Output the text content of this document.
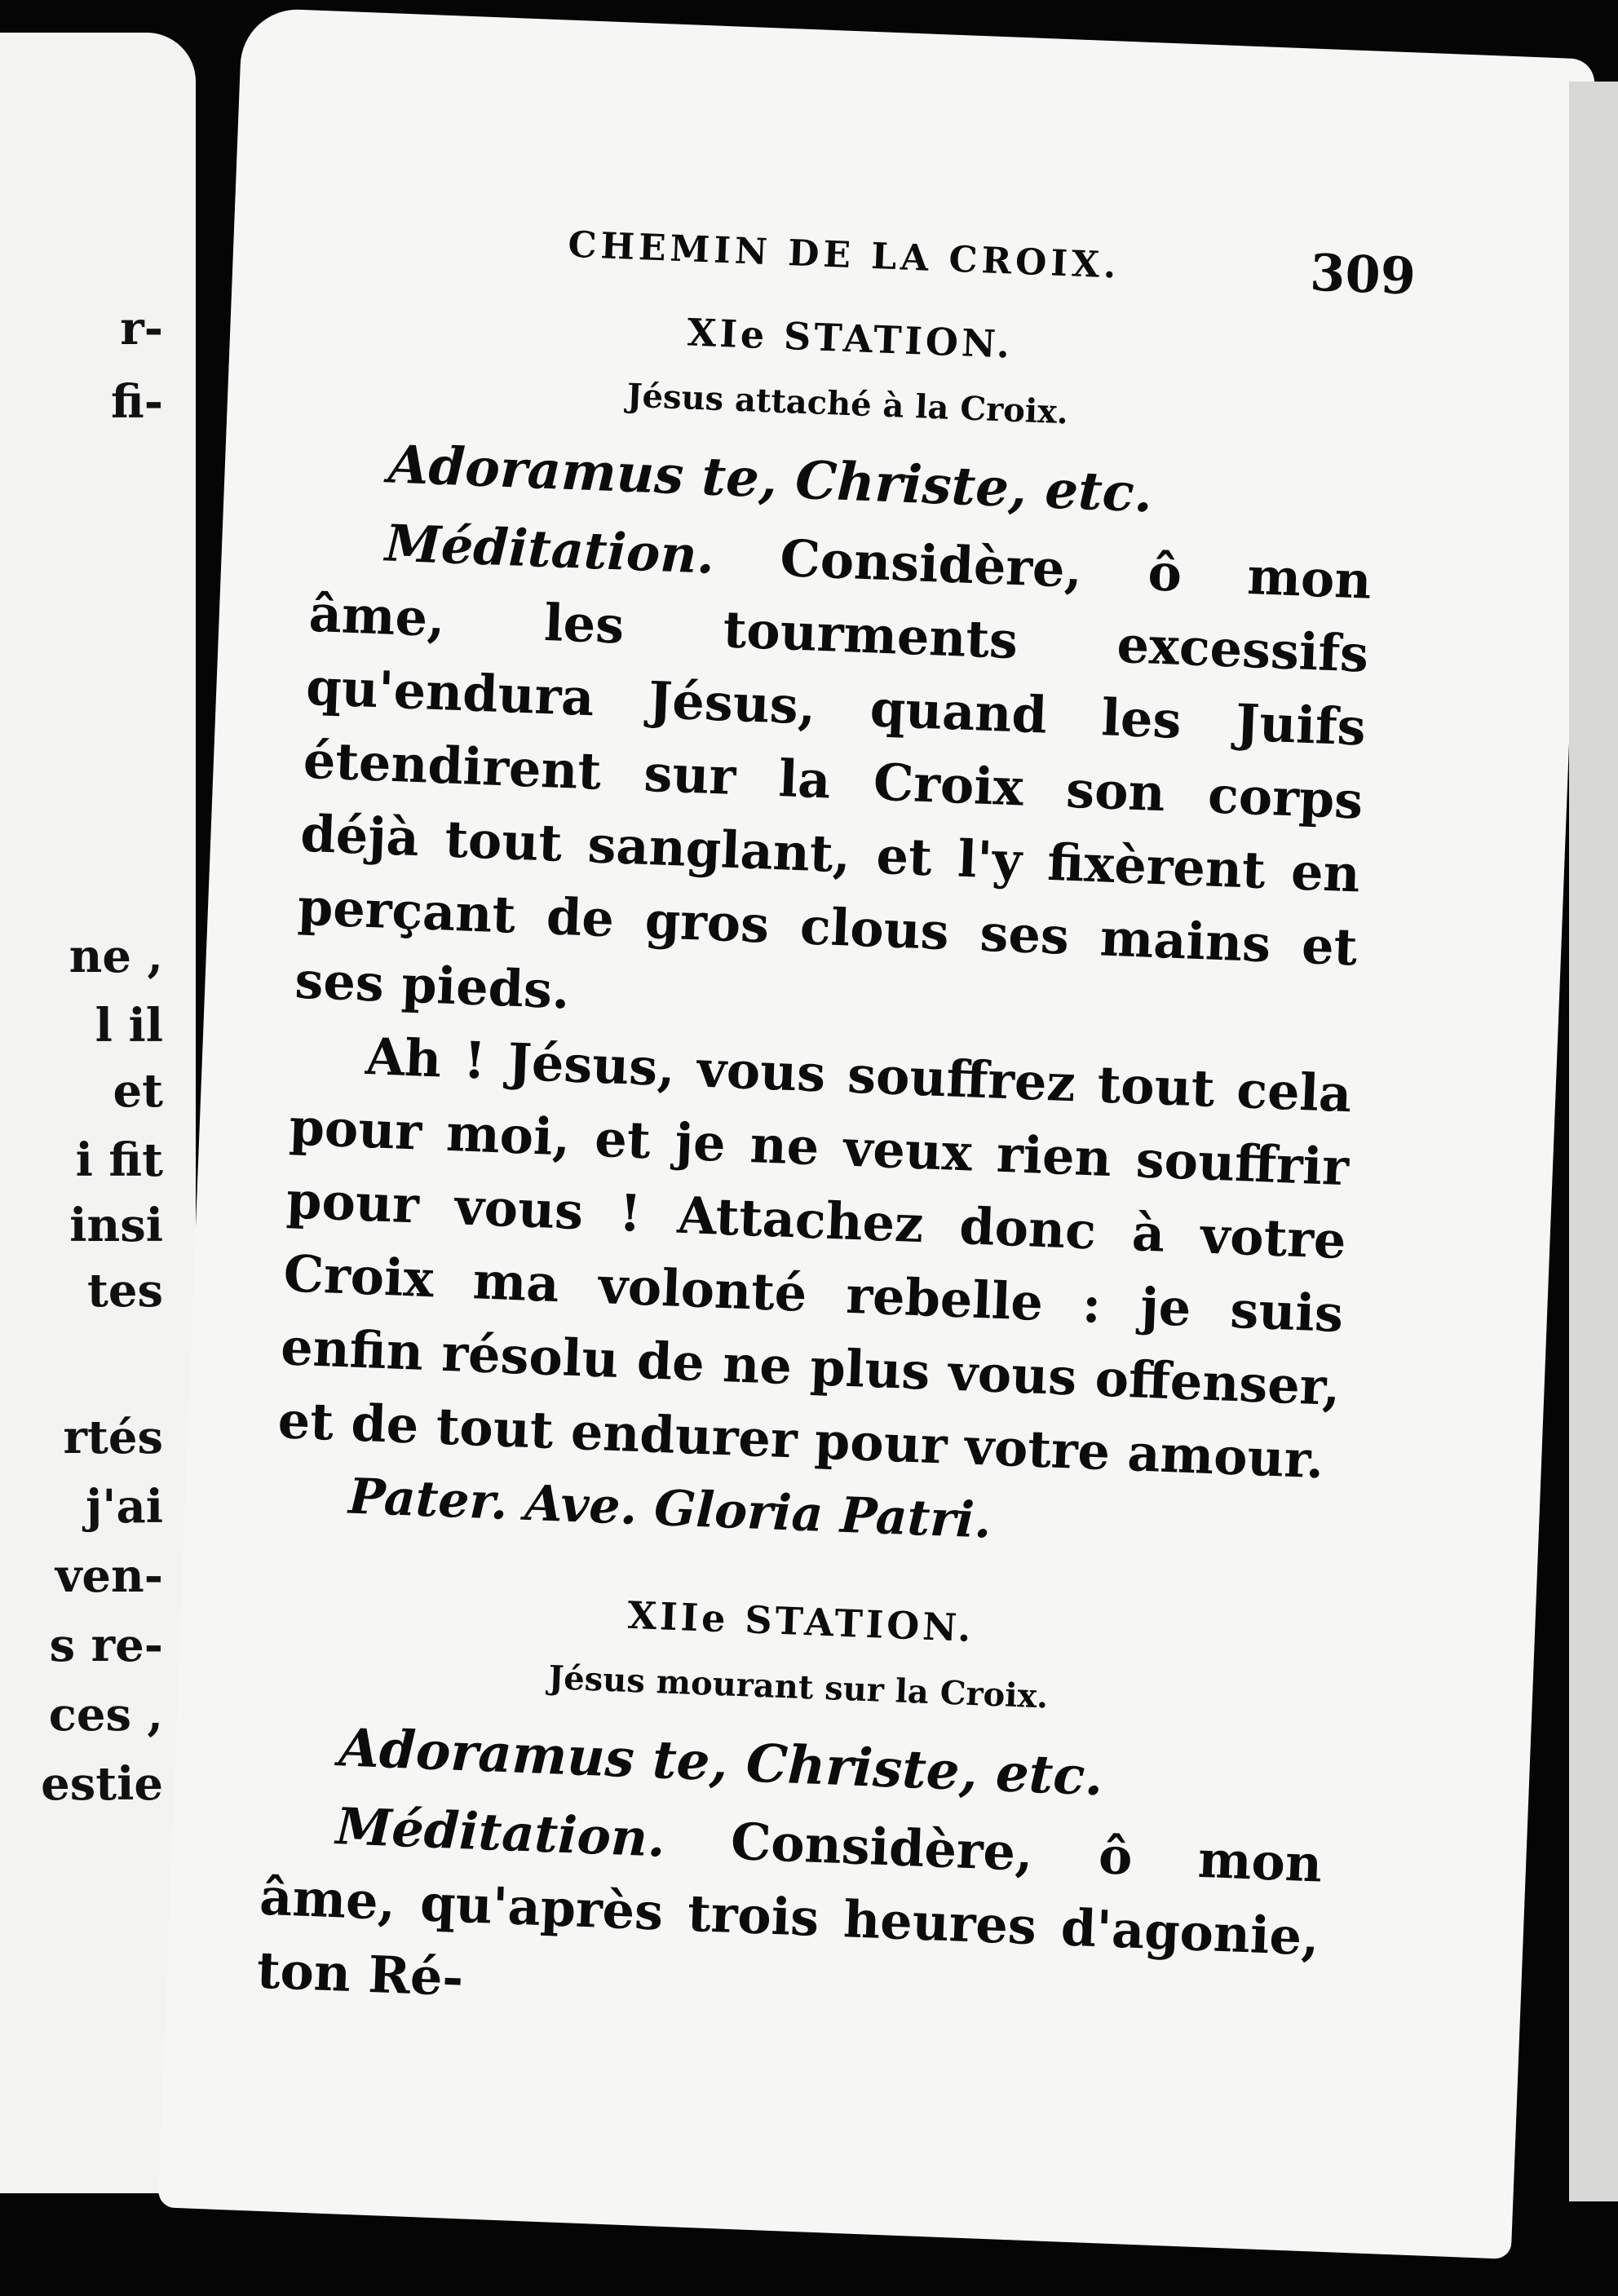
r-
fi-
ne ,
l il
et
i fit
insi
tes
rtés
j'ai
ven-
s re-
ces ,
estie
CHEMIN DE LA CROIX.	309
XIe STATION.
Jésus attaché à la Croix.
Adoramus te, Christe, etc.

Méditation. Considère, ô mon âme, les tourments excessifs qu'endura Jésus, quand les Juifs étendirent sur la Croix son corps déjà tout sanglant, et l'y fixèrent en perçant de gros clous ses mains et ses pieds.

Ah ! Jésus, vous souffrez tout cela pour moi, et je ne veux rien souffrir pour vous ! Attachez donc à votre Croix ma volonté rebelle : je suis enfin résolu de ne plus vous offenser, et de tout endurer pour votre amour.

Pater. Ave. Gloria Patri.
XIIe STATION.
Jésus mourant sur la Croix.
Adoramus te, Christe, etc.

Méditation. Considère, ô mon âme, qu'après trois heures d'agonie, ton Ré-
